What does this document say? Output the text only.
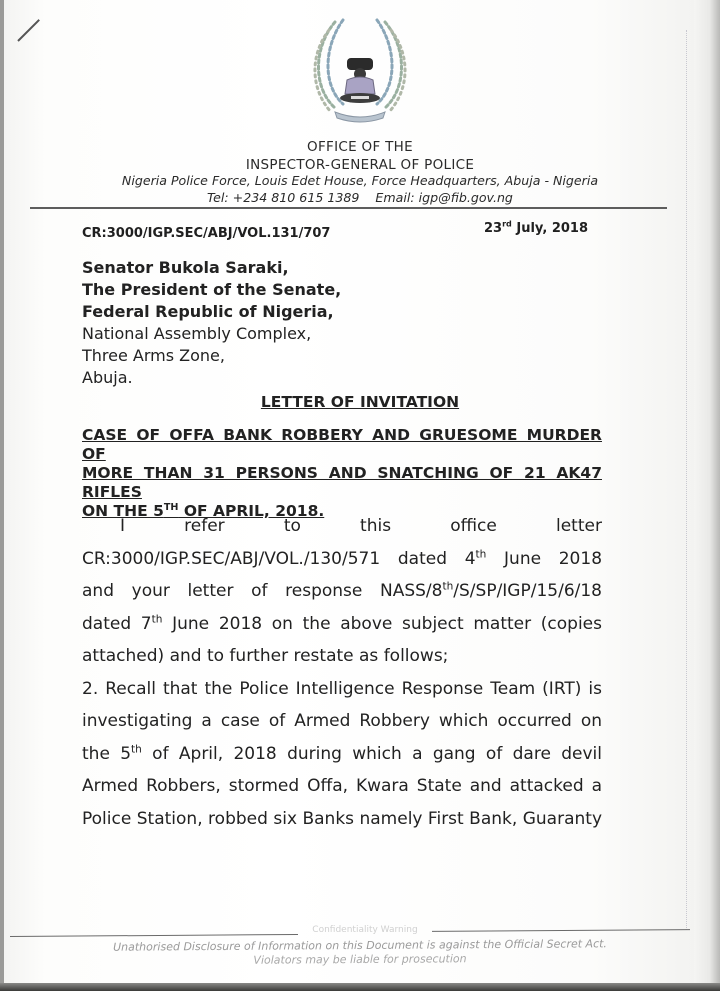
OFFICE OF THE
INSPECTOR-GENERAL OF POLICE
Nigeria Police Force, Louis Edet House, Force Headquarters, Abuja - Nigeria
Tel: +234 810 615 1389 Email: igp@fib.gov.ng
CR:3000/IGP.SEC/ABJ/VOL.131/707	23rd July, 2018
Senator Bukola Saraki,
The President of the Senate,
Federal Republic of Nigeria,
National Assembly Complex,
Three Arms Zone,
Abuja.
LETTER OF INVITATION
CASE OF OFFA BANK ROBBERY AND GRUESOME MURDER OF
MORE THAN 31 PERSONS AND SNATCHING OF 21 AK47 RIFLES
ON THE 5TH OF APRIL, 2018.
I	refer	to	this	office	letter
CR:3000/IGP.SEC/ABJ/VOL./130/571 dated 4th June 2018
and your letter of response NASS/8th/S/SP/IGP/15/6/18
dated 7th June 2018 on the above subject matter (copies
attached) and to further restate as follows;
2. Recall that the Police Intelligence Response Team (IRT) is
investigating a case of Armed Robbery which occurred on
the 5th of April, 2018 during which a gang of dare devil
Armed Robbers, stormed Offa, Kwara State and attacked a
Police Station, robbed six Banks namely First Bank, Guaranty
Confidentiality Warning
Unathorised Disclosure of Information on this Document is against the Official Secret Act.
Violators may be liable for prosecution
